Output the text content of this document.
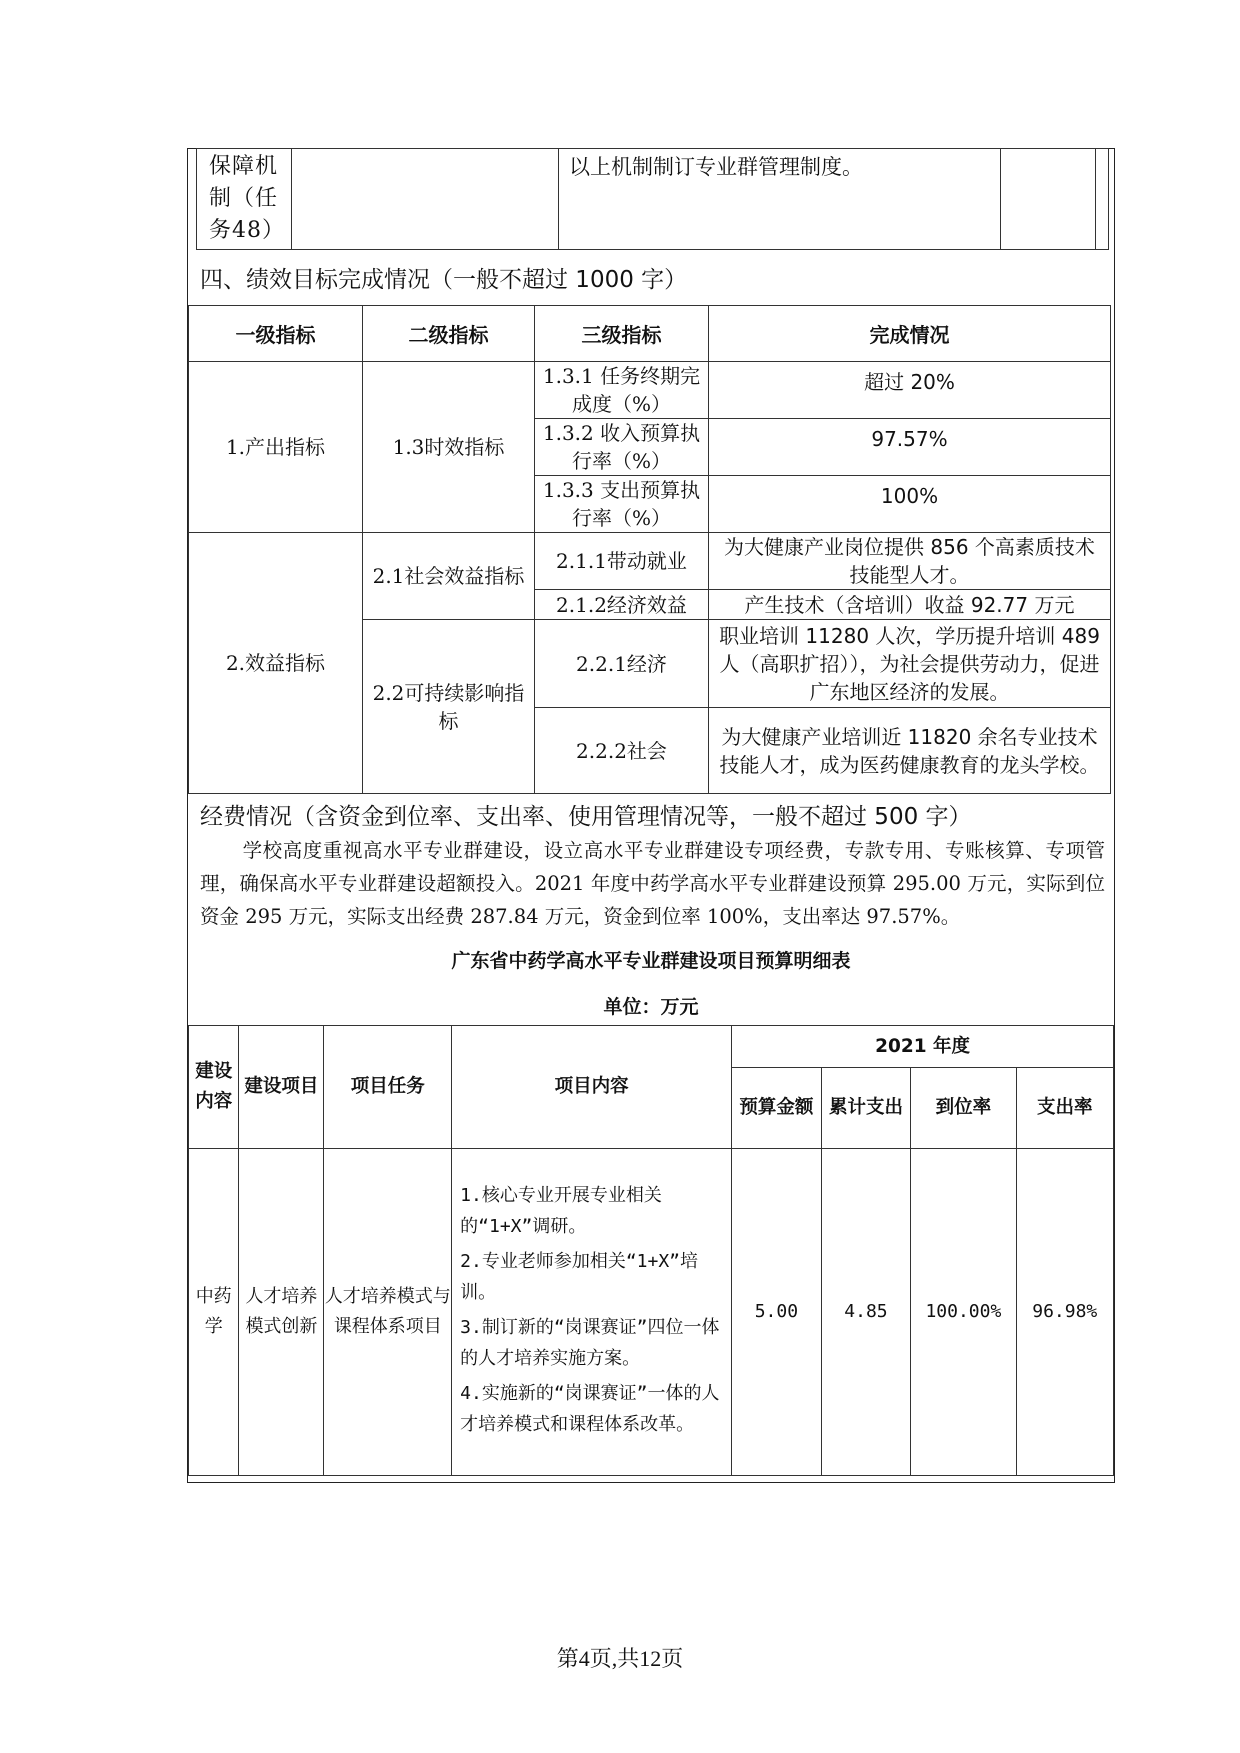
保障机制（任务48）		以上机制制订专业群管理制度。		
四、绩效目标完成情况（一般不超过 1000 字）
一级指标	二级指标	三级指标	完成情况
1.产出指标	1.3时效指标	1.3.1 任务终期完成度（%）	超过 20%
		1.3.2 收入预算执行率（%）	97.57%
		1.3.3 支出预算执行率（%）	100%
2.效益指标	2.1社会效益指标	2.1.1带动就业	为大健康产业岗位提供 856 个高素质技术技能型人才。
		2.1.2经济效益	产生技术（含培训）收益 92.77 万元
	2.2可持续影响指标	2.2.1经济	职业培训 11280 人次，学历提升培训 489 人（高职扩招）），为社会提供劳动力，促进广东地区经济的发展。
		2.2.2社会	为大健康产业培训近 11820 余名专业技术技能人才，成为医药健康教育的龙头学校。
经费情况（含资金到位率、支出率、使用管理情况等，一般不超过 500 字）
学校高度重视高水平专业群建设，设立高水平专业群建设专项经费，专款专用、专账核算、专项管理，确保高水平专业群建设超额投入。2021 年度中药学高水平专业群建设预算 295.00 万元，实际到位资金 295 万元，实际支出经费 287.84 万元，资金到位率 100%，支出率达 97.57%。
广东省中药学高水平专业群建设项目预算明细表
单位：万元
建设内容	建设项目	项目任务	项目内容	2021 年度			
				预算金额	累计支出	到位率	支出率
中药学	人才培养模式创新	人才培养模式与课程体系项目	1.核心专业开展专业相关的“1+X”调研。

2.专业老师参加相关“1+X”培训。

3.制订新的“岗课赛证”四位一体的人才培养实施方案。

4.实施新的“岗课赛证”一体的人才培养模式和课程体系改革。	5.00	4.85	100.00%	96.98%
第4页,共12页
